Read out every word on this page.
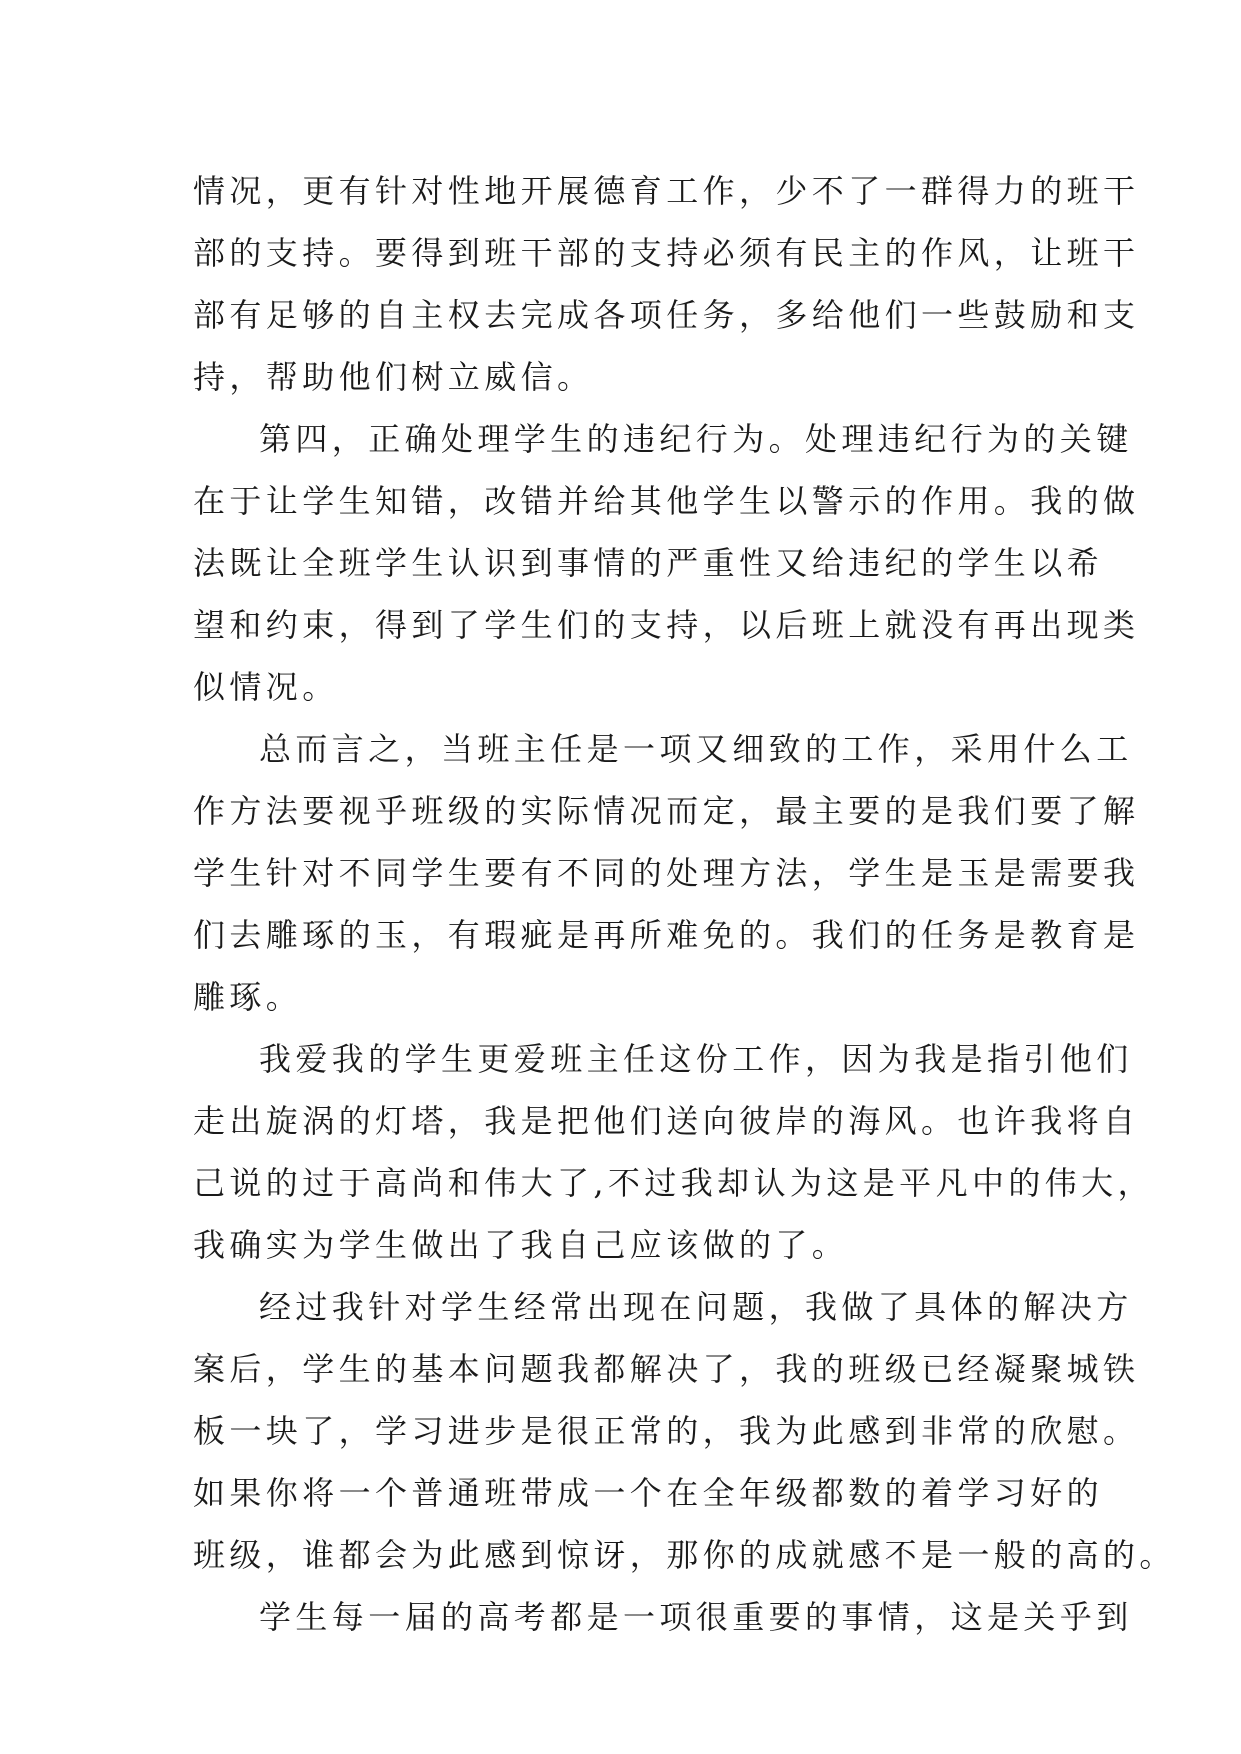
情况，更有针对性地开展德育工作，少不了一群得力的班干
部的支持。要得到班干部的支持必须有民主的作风，让班干
部有足够的自主权去完成各项任务，多给他们一些鼓励和支
持，帮助他们树立威信。
第四，正确处理学生的违纪行为。处理违纪行为的关键
在于让学生知错，改错并给其他学生以警示的作用。我的做
法既让全班学生认识到事情的严重性又给违纪的学生以希
望和约束，得到了学生们的支持，以后班上就没有再出现类
似情况。
总而言之，当班主任是一项又细致的工作，采用什么工
作方法要视乎班级的实际情况而定，最主要的是我们要了解
学生针对不同学生要有不同的处理方法，学生是玉是需要我
们去雕琢的玉，有瑕疵是再所难免的。我们的任务是教育是
雕琢。
我爱我的学生更爱班主任这份工作，因为我是指引他们
走出旋涡的灯塔，我是把他们送向彼岸的海风。也许我将自
己说的过于高尚和伟大了,不过我却认为这是平凡中的伟大，
我确实为学生做出了我自己应该做的了。
经过我针对学生经常出现在问题，我做了具体的解决方
案后，学生的基本问题我都解决了，我的班级已经凝聚城铁
板一块了，学习进步是很正常的，我为此感到非常的欣慰。
如果你将一个普通班带成一个在全年级都数的着学习好的
班级，谁都会为此感到惊讶，那你的成就感不是一般的高的。
学生每一届的高考都是一项很重要的事情，这是关乎到
